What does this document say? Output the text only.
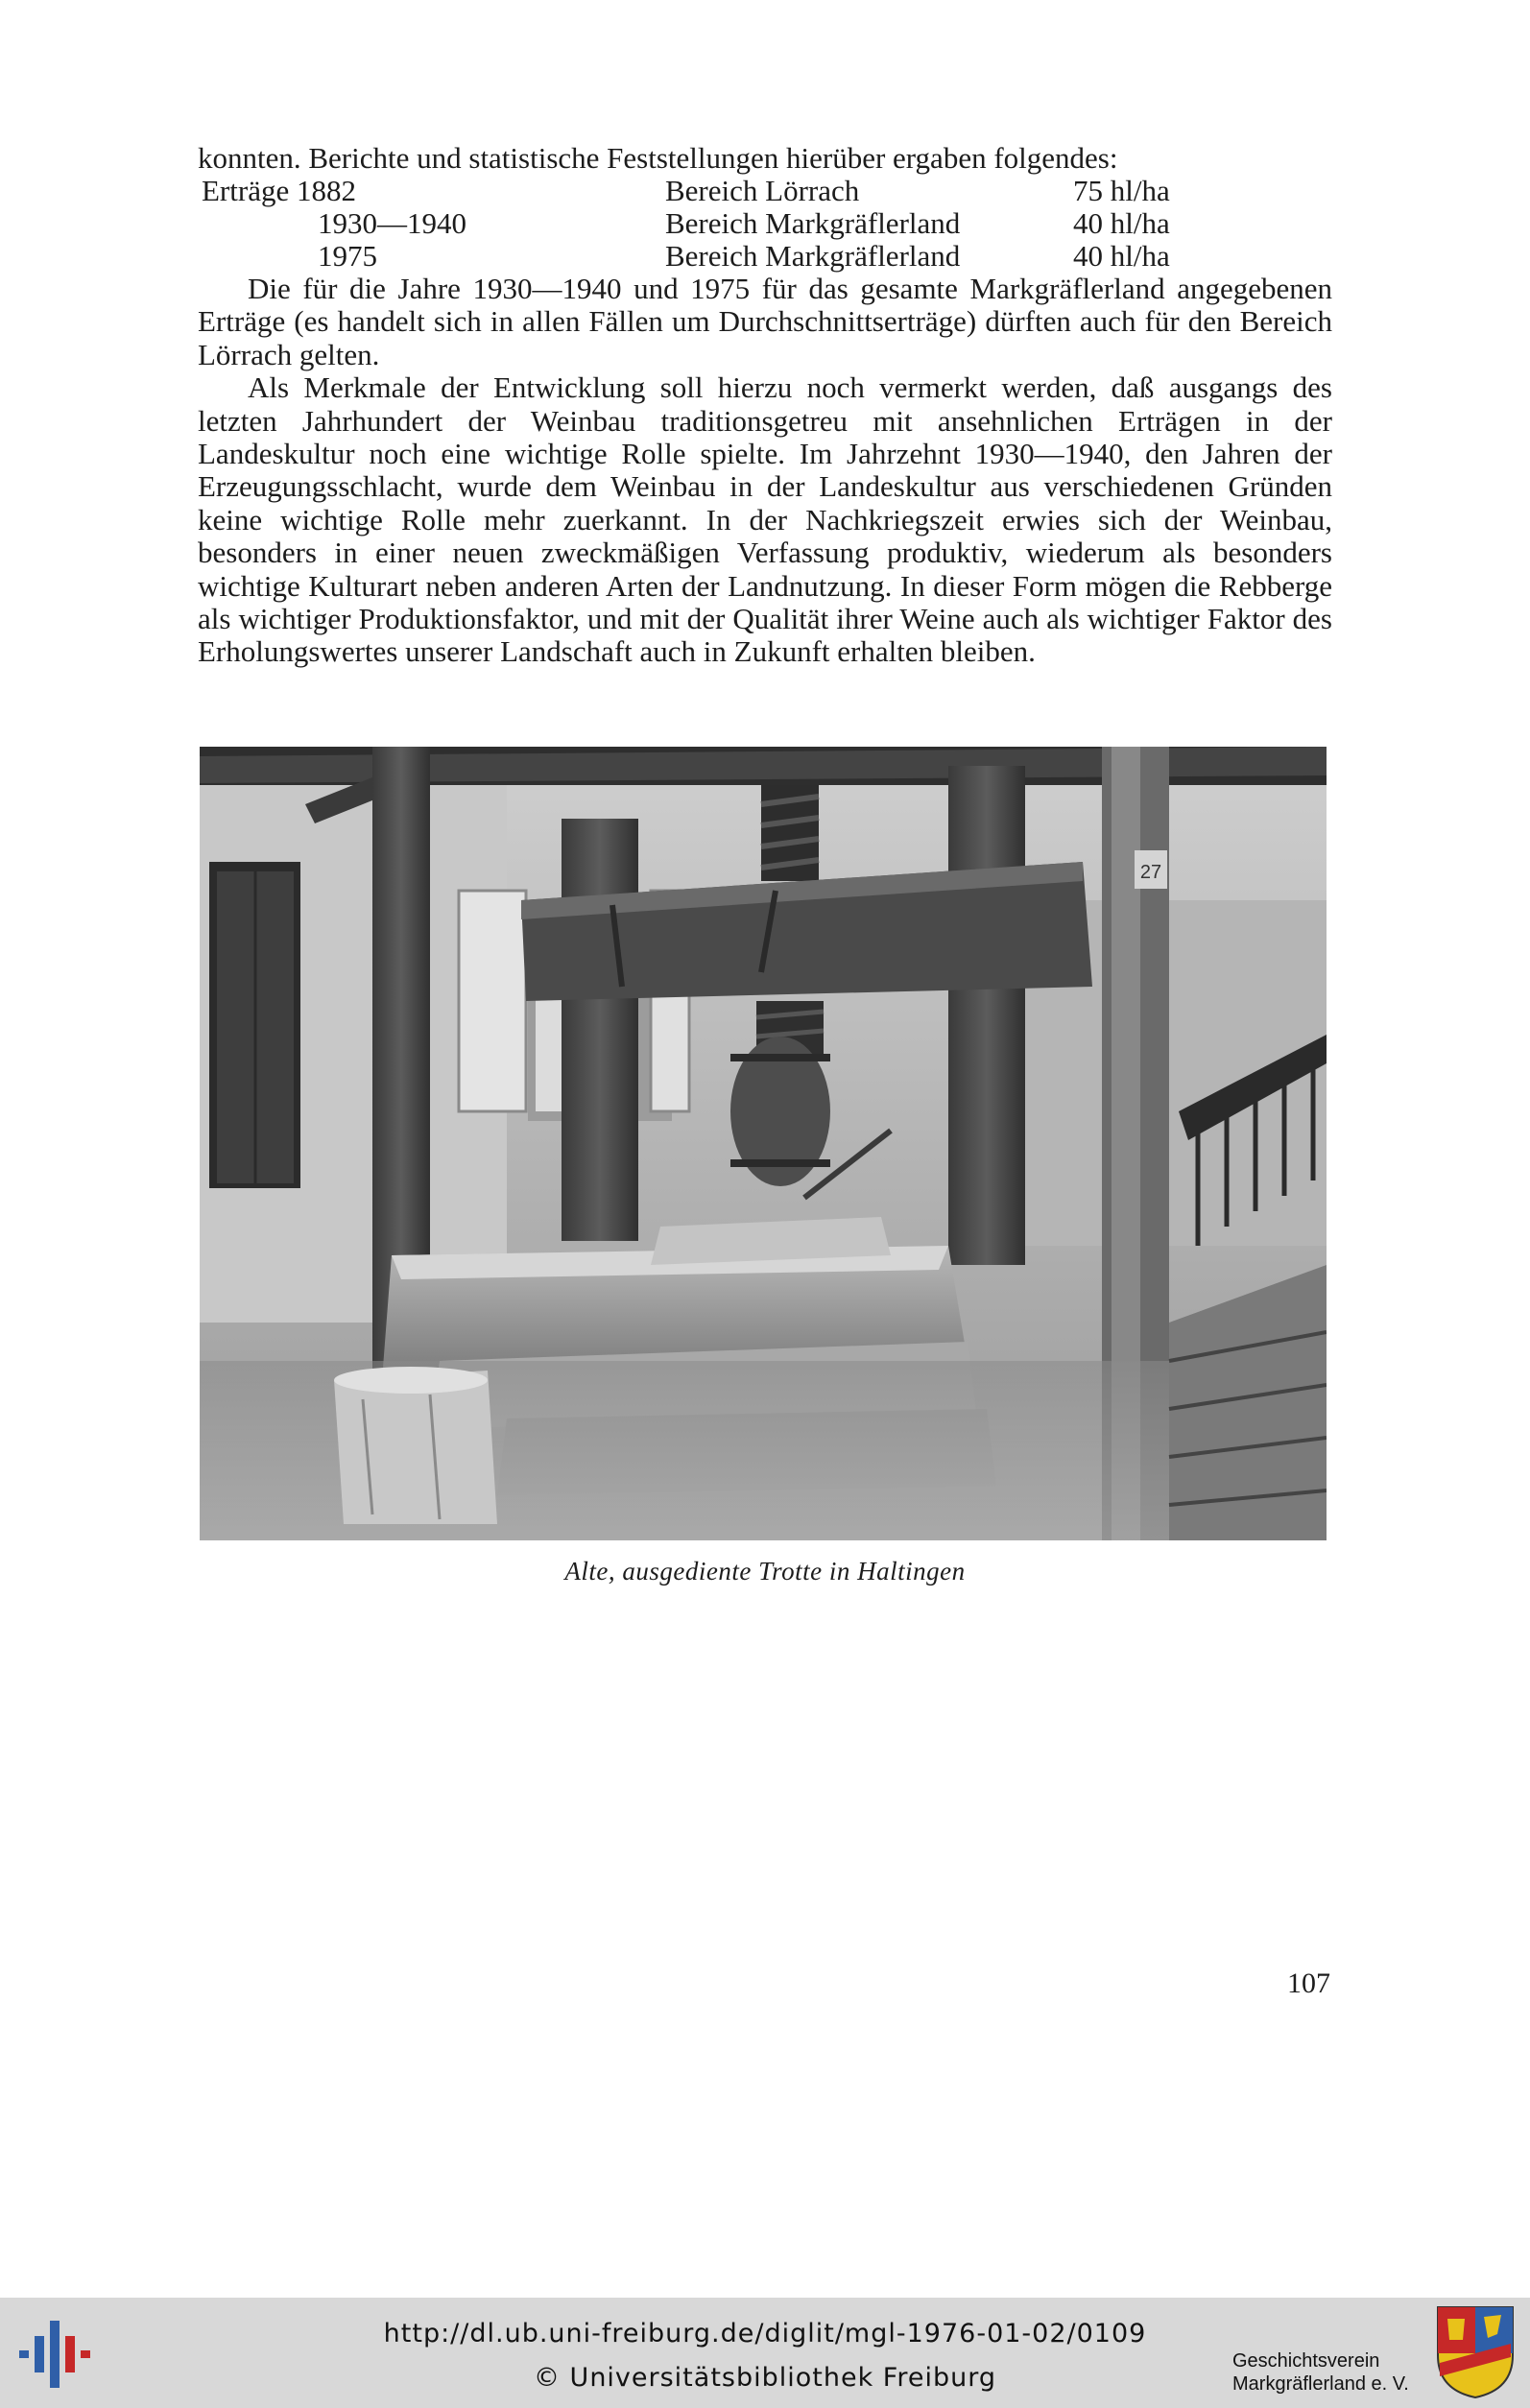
konnten. Berichte und statistische Feststellungen hierüber ergaben folgendes:

Erträge 1882	Bereich Lörrach	75 hl/ha
1930—1940	Bereich Markgräflerland	40 hl/ha
1975	Bereich Markgräflerland	40 hl/ha

Die für die Jahre 1930—1940 und 1975 für das gesamte Markgräflerland angegebenen Erträge (es handelt sich in allen Fällen um Durchschnittserträge) dürften auch für den Bereich Lörrach gelten.

Als Merkmale der Entwicklung soll hierzu noch vermerkt werden, daß ausgangs des letzten Jahrhundert der Weinbau traditionsgetreu mit ansehnlichen Erträgen in der Landeskultur noch eine wichtige Rolle spielte. Im Jahrzehnt 1930—1940, den Jahren der Erzeugungsschlacht, wurde dem Weinbau in der Landeskultur aus verschiedenen Gründen keine wichtige Rolle mehr zuerkannt. In der Nachkriegszeit erwies sich der Weinbau, besonders in einer neuen zweckmäßigen Verfassung produktiv, wiederum als besonders wichtige Kulturart neben anderen Arten der Landnutzung. In dieser Form mögen die Rebberge als wichtiger Produktionsfaktor, und mit der Qualität ihrer Weine auch als wichtiger Faktor des Erholungswertes unserer Landschaft auch in Zukunft erhalten bleiben.

27
Alte, ausgediente Trotte in Haltingen
107
http://dl.ub.uni-freiburg.de/diglit/mgl-1976-01-02/0109
© Universitätsbibliothek Freiburg
Geschichtsverein
Markgräflerland e. V.
